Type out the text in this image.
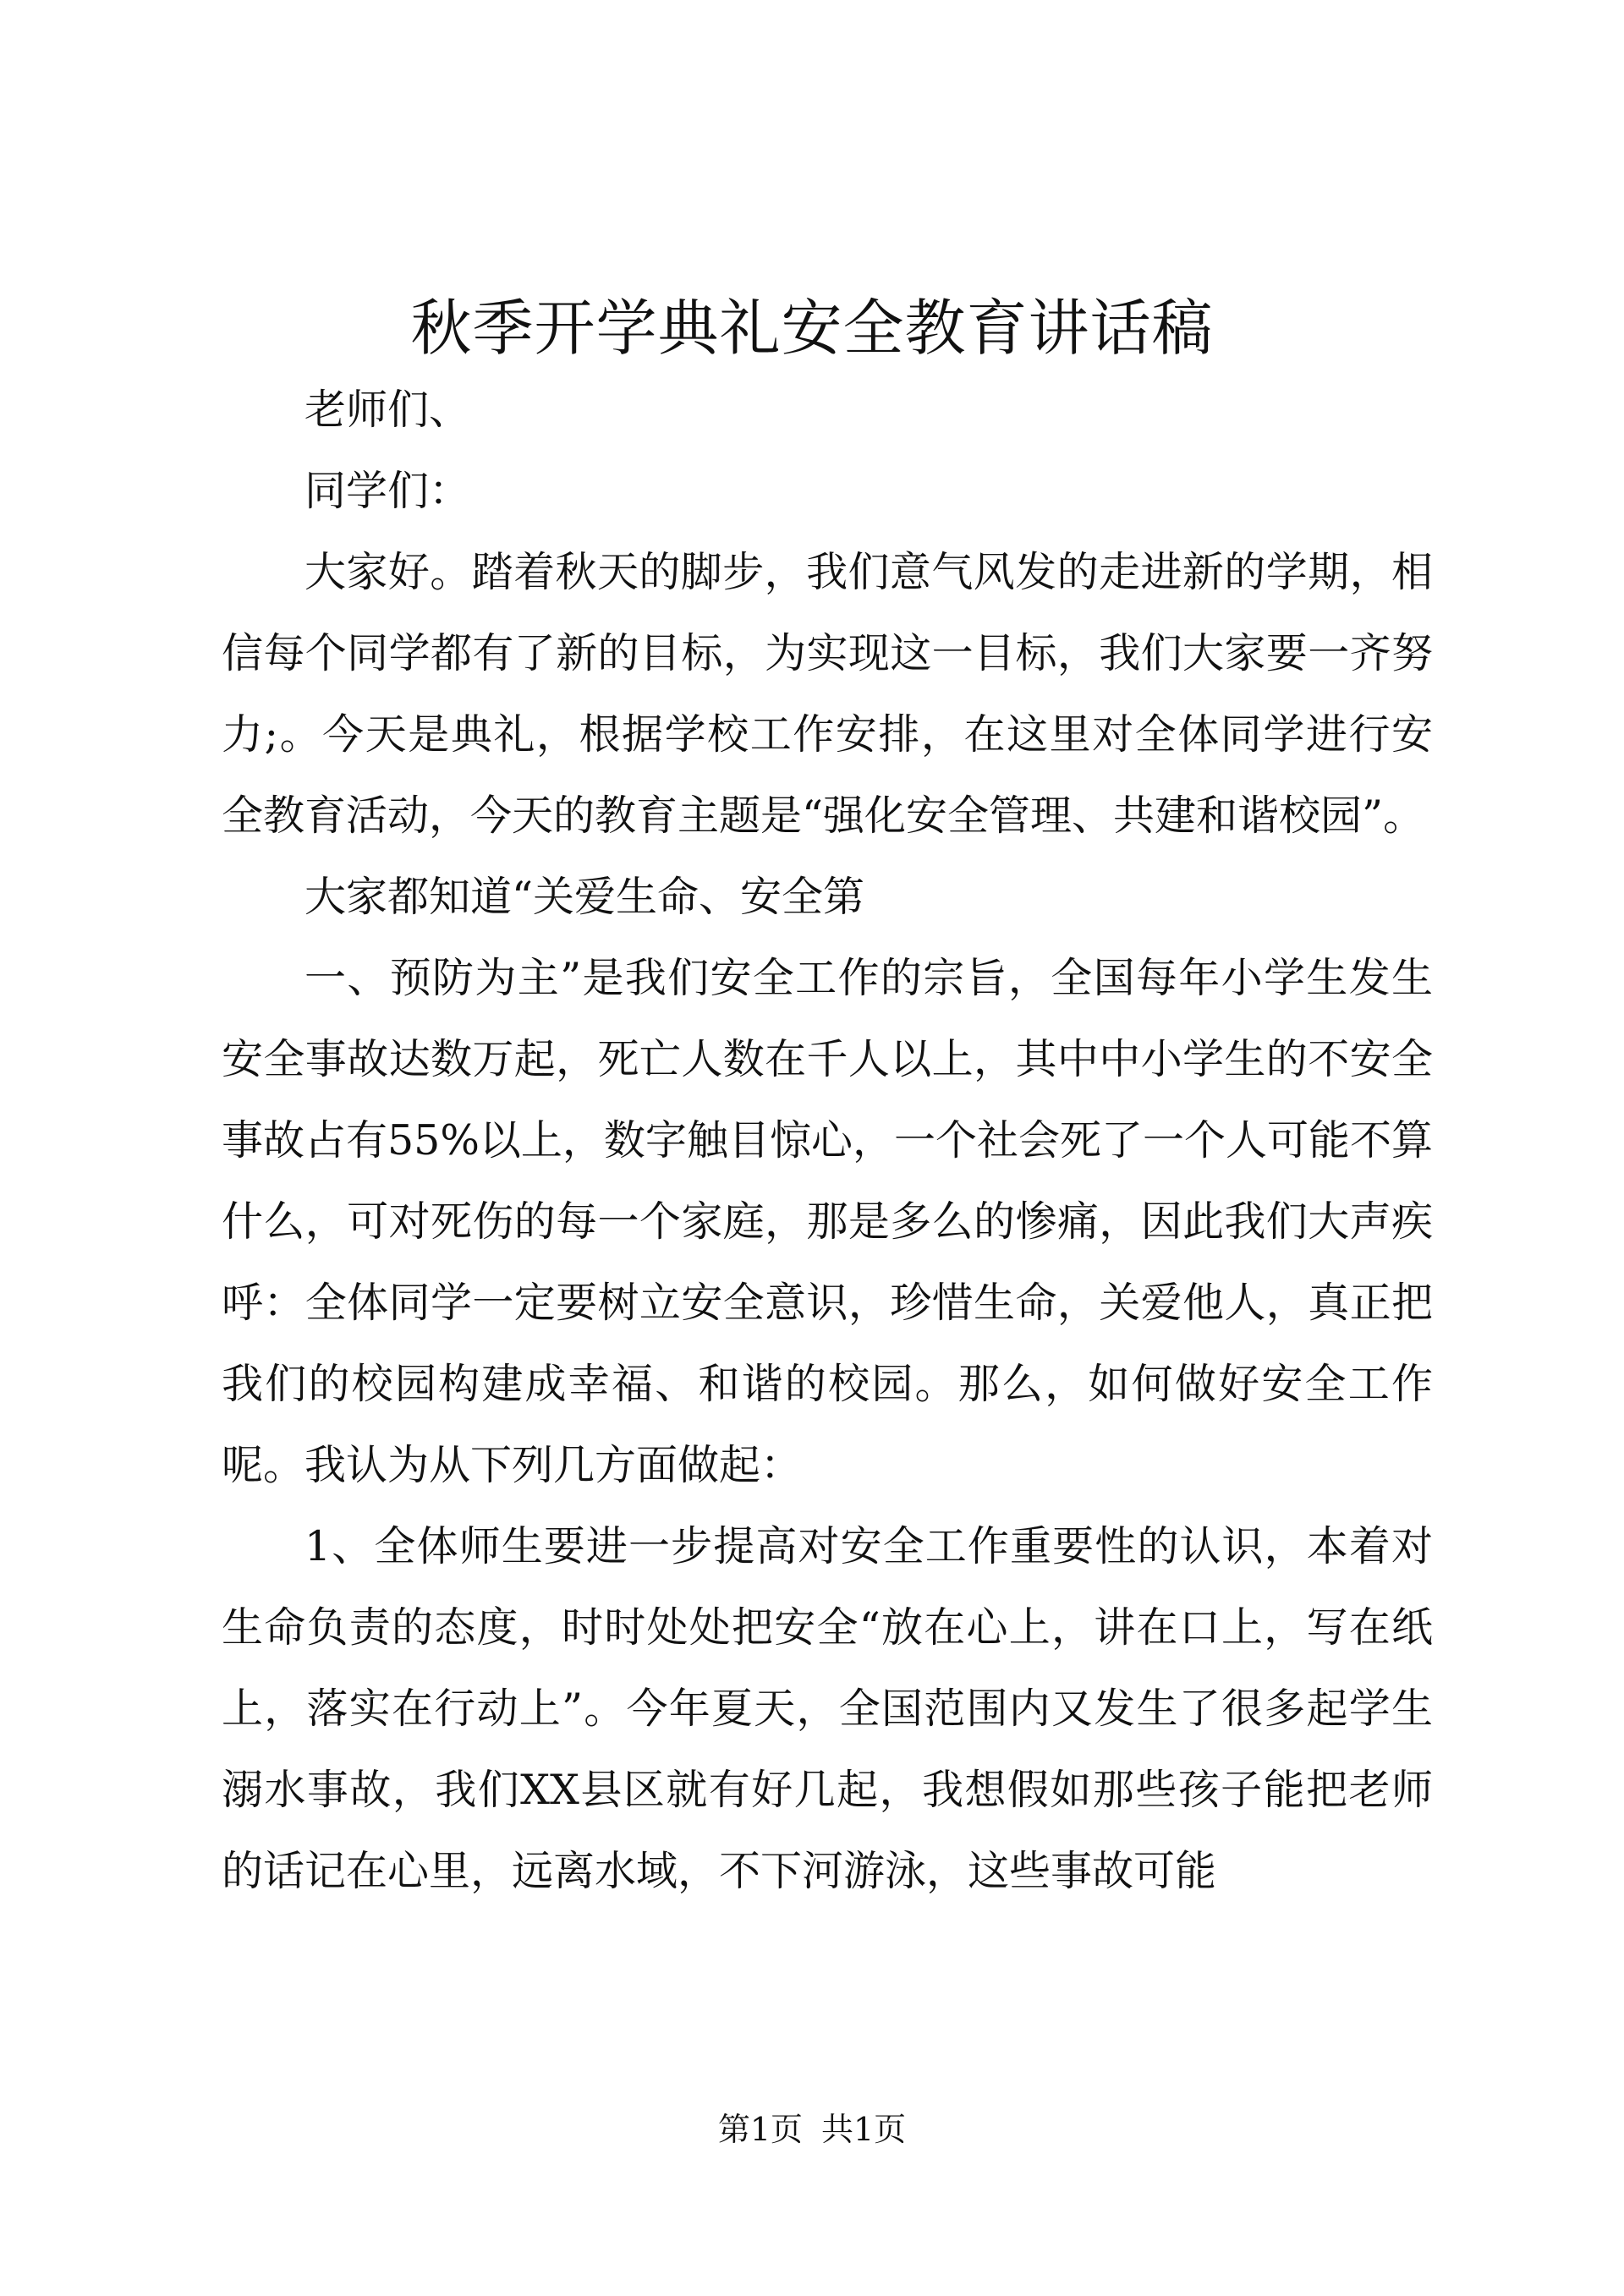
秋季开学典礼安全教育讲话稿

老师们、

同学们：

大家好。踏着秋天的脚步，我们意气风发的走进新的学期，相信每个同学都有了新的目标，为实现这一目标，我们大家要一齐努力;。今天是典礼，根据学校工作安排，在这里对全体同学进行安全教育活动，今天的教育主题是“强化安全管理、共建和谐校园”。

大家都知道“关爱生命、安全第

一、预防为主”是我们安全工作的宗旨，全国每年小学生发生安全事故达数万起，死亡人数在千人以上，其中中小学生的不安全事故占有55%以上，数字触目惊心，一个社会死了一个人可能不算什么，可对死伤的每一个家庭，那是多么的惨痛，因此我们大声疾呼：全体同学一定要树立安全意识，珍惜生命，关爱他人，真正把我们的校园构建成幸福、和谐的校园。那么，如何做好安全工作呢。我认为从下列几方面做起：

1、全体师生要进一步提高对安全工作重要性的认识，本着对生命负责的态度，时时处处把安全“放在心上，讲在口上，写在纸上，落实在行动上”。今年夏天，全国范围内又发生了很多起学生溺水事故，我们XX县区就有好几起，我想假如那些孩子能把老师的话记在心里，远离水域，不下河游泳，这些事故可能

第1页 共1页
